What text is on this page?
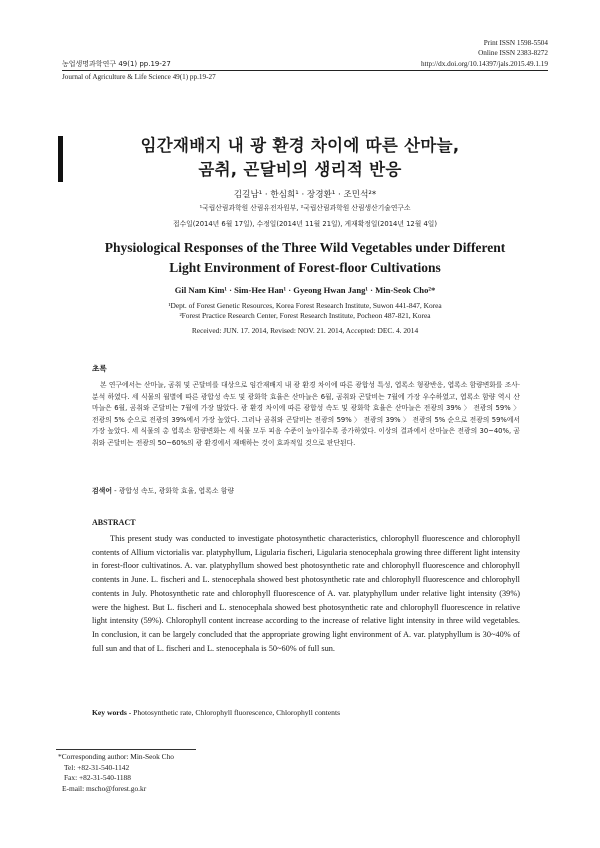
Print ISSN 1598-5504
Online ISSN 2383-8272
농업생명과학연구 49(1) pp.19-27	http://dx.doi.org/10.14397/jals.2015.49.1.19
Journal of Agriculture & Life Science 49(1) pp.19-27
임간재배지 내 광 환경 차이에 따른 산마늘,
곰취, 곤달비의 생리적 반응
김길남¹ · 한심희¹ · 장경환¹ · 조민석²*
¹국립산림과학원 산림유전자원부, ²국립산림과학원 산림생산기술연구소
접수일(2014년 6월 17일), 수정일(2014년 11월 21일), 게재확정일(2014년 12월 4일)
Physiological Responses of the Three Wild Vegetables under Different
Light Environment of Forest-floor Cultivations
Gil Nam Kim¹ · Sim-Hee Han¹ · Gyeong Hwan Jang¹ · Min-Seok Cho²*
¹Dept. of Forest Genetic Resources, Korea Forest Research Institute, Suwon 441-847, Korea
²Forest Practice Research Center, Forest Research Institute, Pocheon 487-821, Korea
Received: JUN. 17. 2014, Revised: NOV. 21. 2014, Accepted: DEC. 4. 2014
초록
본 연구에서는 산마늘, 곰취 및 곤달비를 대상으로 임간재배지 내 광 환경 차이에 따른 광합성 특성, 엽록소 형광반응, 엽록소 함량변화를 조사·분석 하였다. 세 식물의 월별에 따른 광합성 속도 및 광화학 효율은 산마늘은 6월, 곰취와 곤달비는 7월에 가장 우수하였고, 엽록소 함량 역시 산마늘은 6월, 곰취와 곤달비는 7월에 가장 많았다. 광 환경 차이에 따른 광합성 속도 및 광화학 효율은 산마늘은 전광의 39% 〉 전광의 59% 〉 전광의 5% 순으로 전광의 39%에서 가장 높았다. 그러나 곰취와 곤달비는 전광의 59% 〉 전광의 39% 〉 전광의 5% 순으로 전광의 59%에서 가장 높았다. 세 식물의 총 엽록소 함량변화는 세 식물 모두 피음 수준이 높아질수록 증가하였다. 이상의 결과에서 산마늘은 전광의 30~40%, 곰취와 곤달비는 전광의 50~60%의 광 환경에서 재배하는 것이 효과적일 것으로 판단된다.
검색어 - 광합성 속도, 광화학 효율, 엽록소 함량
ABSTRACT
This present study was conducted to investigate photosynthetic characteristics, chlorophyll fluorescence and chlorophyll contents of Allium victorialis var. platyphyllum, Ligularia fischeri, Ligularia stenocephala growing three different light intensity in forest-floor cultivatinos. A. var. platyphyllum showed best photosynthetic rate and chlorophyll fluorescence and chlorophyll contents in June. L. fischeri and L. stenocephala showed best photosynthetic rate and chlorophyll fluorescence and chlorophyll contents in July. Photosynthetic rate and chlorophyll fluorescence of A. var. platyphyllum under relative light intensity (39%) were the highest. But L. fischeri and L. stenocephala showed best photosynthetic rate and chlorophyll fluorescence in relative light intensity (59%). Chlorophyll content increase according to the increase of relative light intensity in three wild vegetables. In conclusion, it can be largely concluded that the appropriate growing light environment of A. var. platyphyllum is 30~40% of full sun and that of L. fischeri and L. stenocephala is 50~60% of full sun.
Key words - Photosynthetic rate, Chlorophyll fluorescence, Chlorophyll contents
*Corresponding author: Min-Seok Cho
Tel: +82-31-540-1142
Fax: +82-31-540-1188
E-mail: mscho@forest.go.kr
